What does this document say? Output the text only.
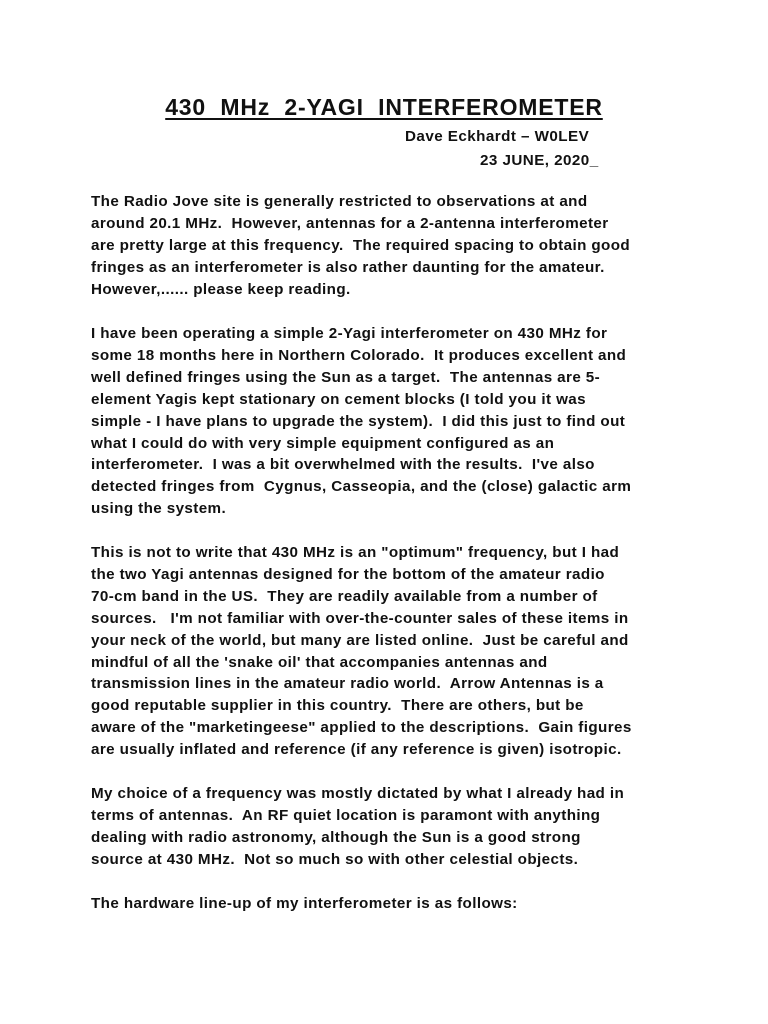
430  MHz  2-YAGI  INTERFEROMETER
Dave Eckhardt – W0LEV
23 JUNE, 2020_

The Radio Jove site is generally restricted to observations at and
around 20.1 MHz.  However, antennas for a 2-antenna interferometer
are pretty large at this frequency.  The required spacing to obtain good
fringes as an interferometer is also rather daunting for the amateur.
However,...... please keep reading.

I have been operating a simple 2-Yagi interferometer on 430 MHz for
some 18 months here in Northern Colorado.  It produces excellent and
well defined fringes using the Sun as a target.  The antennas are 5-
element Yagis kept stationary on cement blocks (I told you it was
simple - I have plans to upgrade the system).  I did this just to find out
what I could do with very simple equipment configured as an
interferometer.  I was a bit overwhelmed with the results.  I've also
detected fringes from  Cygnus, Casseopia, and the (close) galactic arm
using the system.

This is not to write that 430 MHz is an "optimum" frequency, but I had
the two Yagi antennas designed for the bottom of the amateur radio
70-cm band in the US.  They are readily available from a number of
sources.   I'm not familiar with over-the-counter sales of these items in
your neck of the world, but many are listed online.  Just be careful and
mindful of all the 'snake oil' that accompanies antennas and
transmission lines in the amateur radio world.  Arrow Antennas is a
good reputable supplier in this country.  There are others, but be
aware of the "marketingeese" applied to the descriptions.  Gain figures
are usually inflated and reference (if any reference is given) isotropic.

My choice of a frequency was mostly dictated by what I already had in
terms of antennas.  An RF quiet location is paramont with anything
dealing with radio astronomy, although the Sun is a good strong
source at 430 MHz.  Not so much so with other celestial objects.

The hardware line-up of my interferometer is as follows:
